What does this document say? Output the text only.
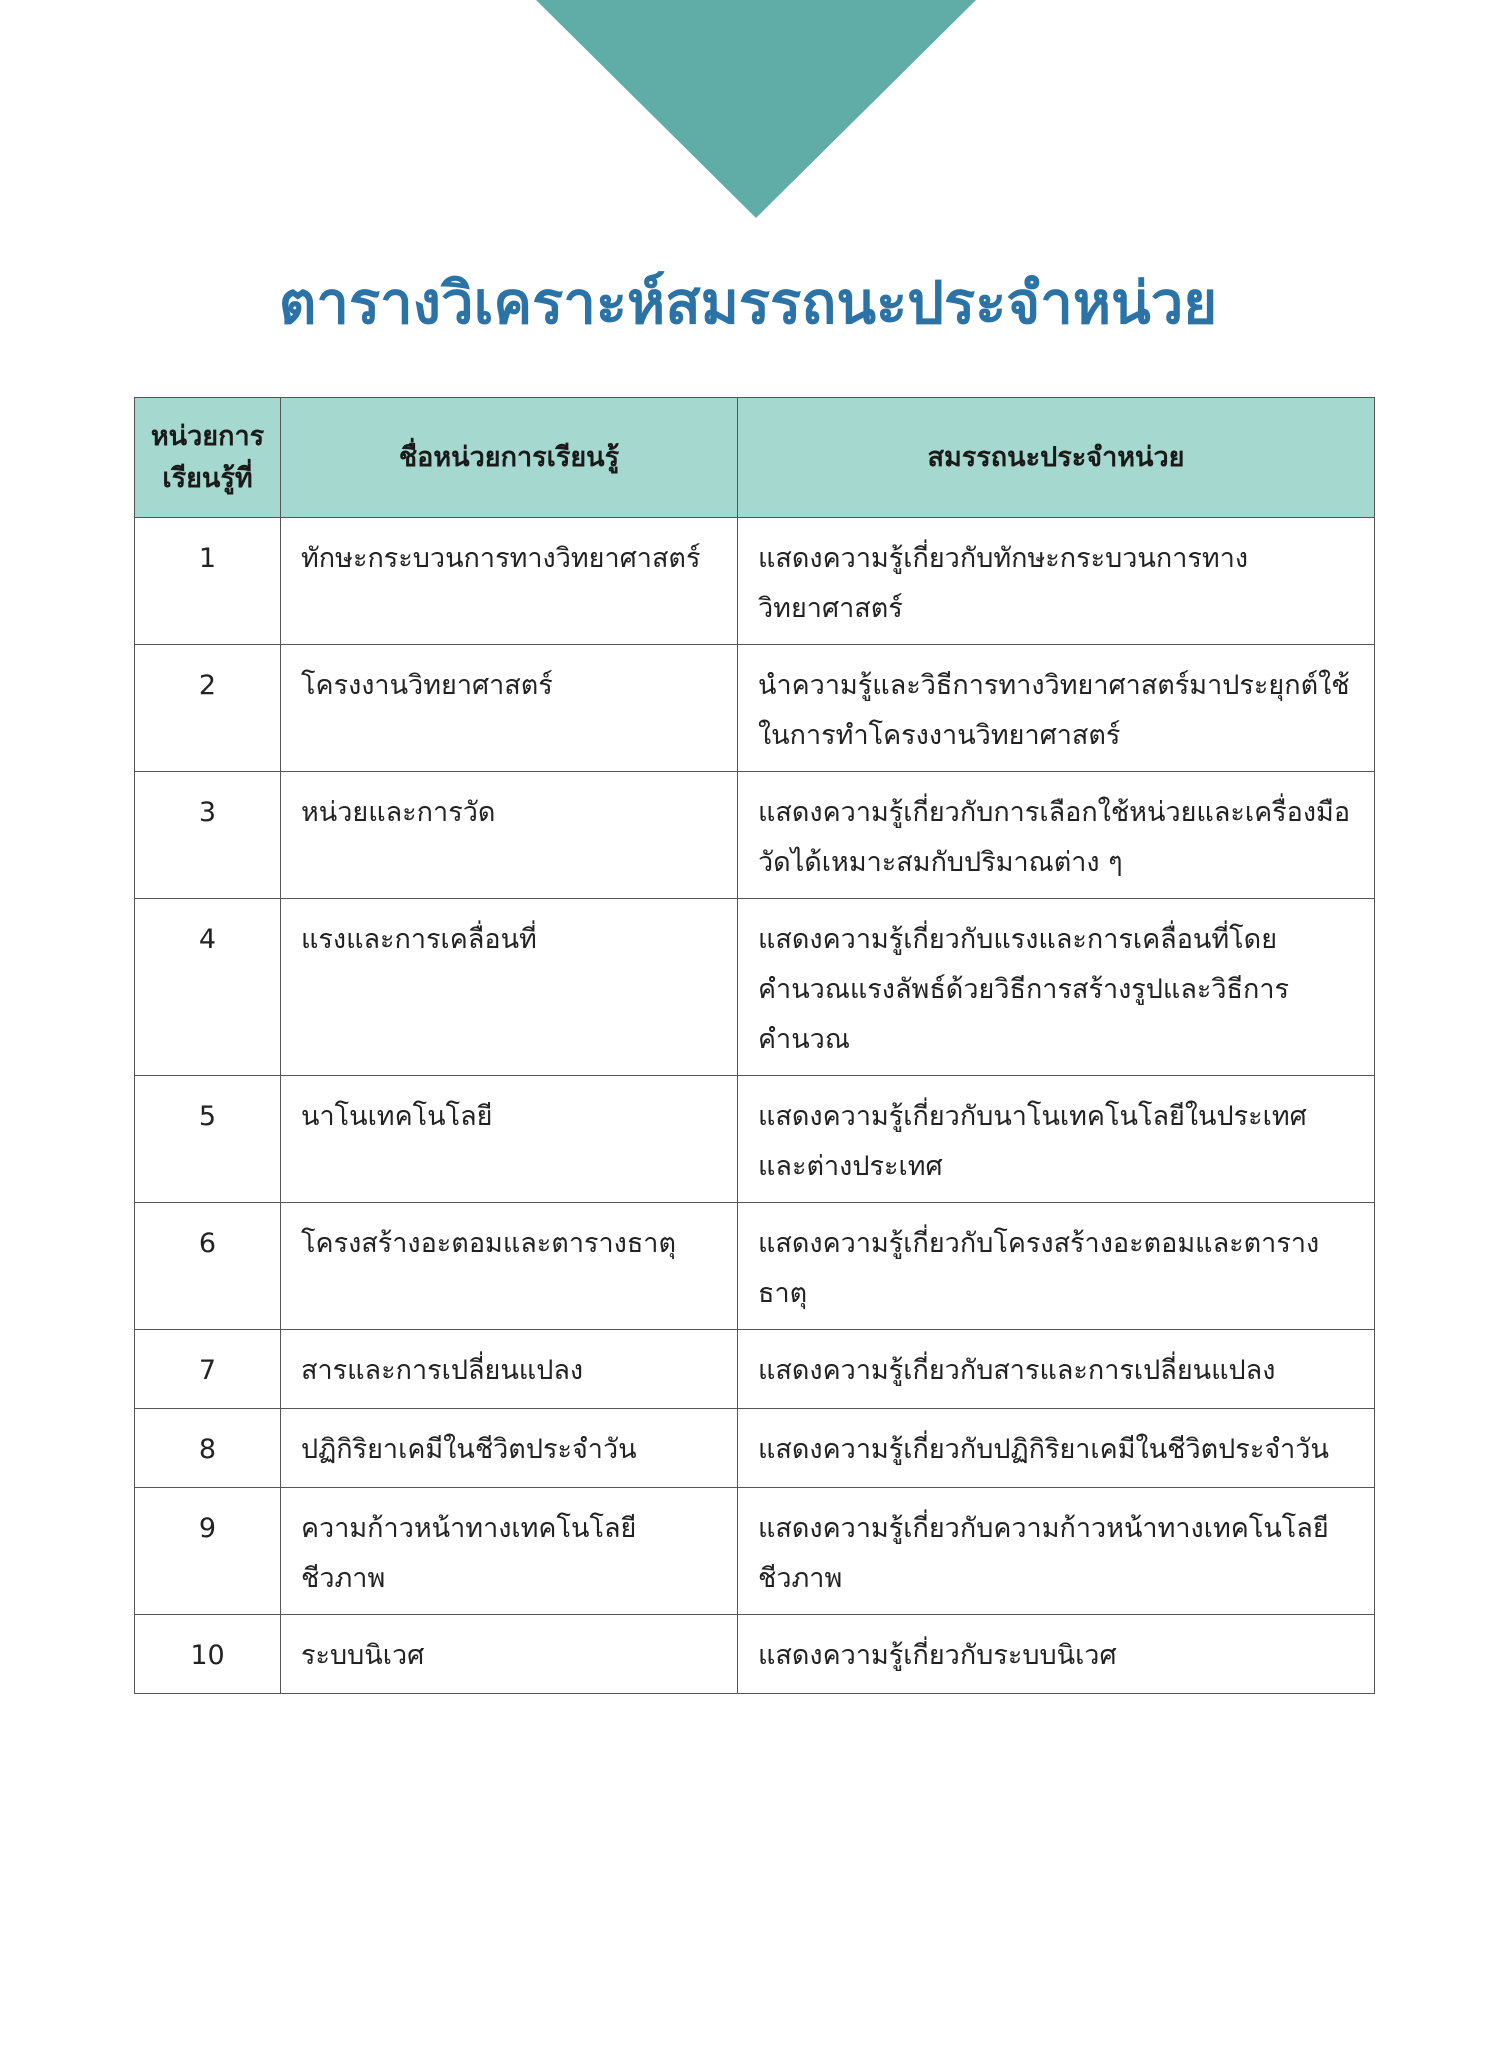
ตารางวิเคราะห์สมรรถนะประจำหน่วย
หน่วยการเรียนรู้ที่	ชื่อหน่วยการเรียนรู้	สมรรถนะประจำหน่วย
1	ทักษะกระบวนการทางวิทยาศาสตร์	แสดงความรู้เกี่ยวกับทักษะกระบวนการทางวิทยาศาสตร์
2	โครงงานวิทยาศาสตร์	นำความรู้และวิธีการทางวิทยาศาสตร์มาประยุกต์ใช้ในการทำโครงงานวิทยาศาสตร์
3	หน่วยและการวัด	แสดงความรู้เกี่ยวกับการเลือกใช้หน่วยและเครื่องมือวัดได้เหมาะสมกับปริมาณต่าง ๆ
4	แรงและการเคลื่อนที่	แสดงความรู้เกี่ยวกับแรงและการเคลื่อนที่โดยคำนวณแรงลัพธ์ด้วยวิธีการสร้างรูปและวิธีการคำนวณ
5	นาโนเทคโนโลยี	แสดงความรู้เกี่ยวกับนาโนเทคโนโลยีในประเทศและต่างประเทศ
6	โครงสร้างอะตอมและตารางธาตุ	แสดงความรู้เกี่ยวกับโครงสร้างอะตอมและตารางธาตุ
7	สารและการเปลี่ยนแปลง	แสดงความรู้เกี่ยวกับสารและการเปลี่ยนแปลง
8	ปฏิกิริยาเคมีในชีวิตประจำวัน	แสดงความรู้เกี่ยวกับปฏิกิริยาเคมีในชีวิตประจำวัน
9	ความก้าวหน้าทางเทคโนโลยีชีวภาพ	แสดงความรู้เกี่ยวกับความก้าวหน้าทางเทคโนโลยีชีวภาพ
10	ระบบนิเวศ	แสดงความรู้เกี่ยวกับระบบนิเวศ
